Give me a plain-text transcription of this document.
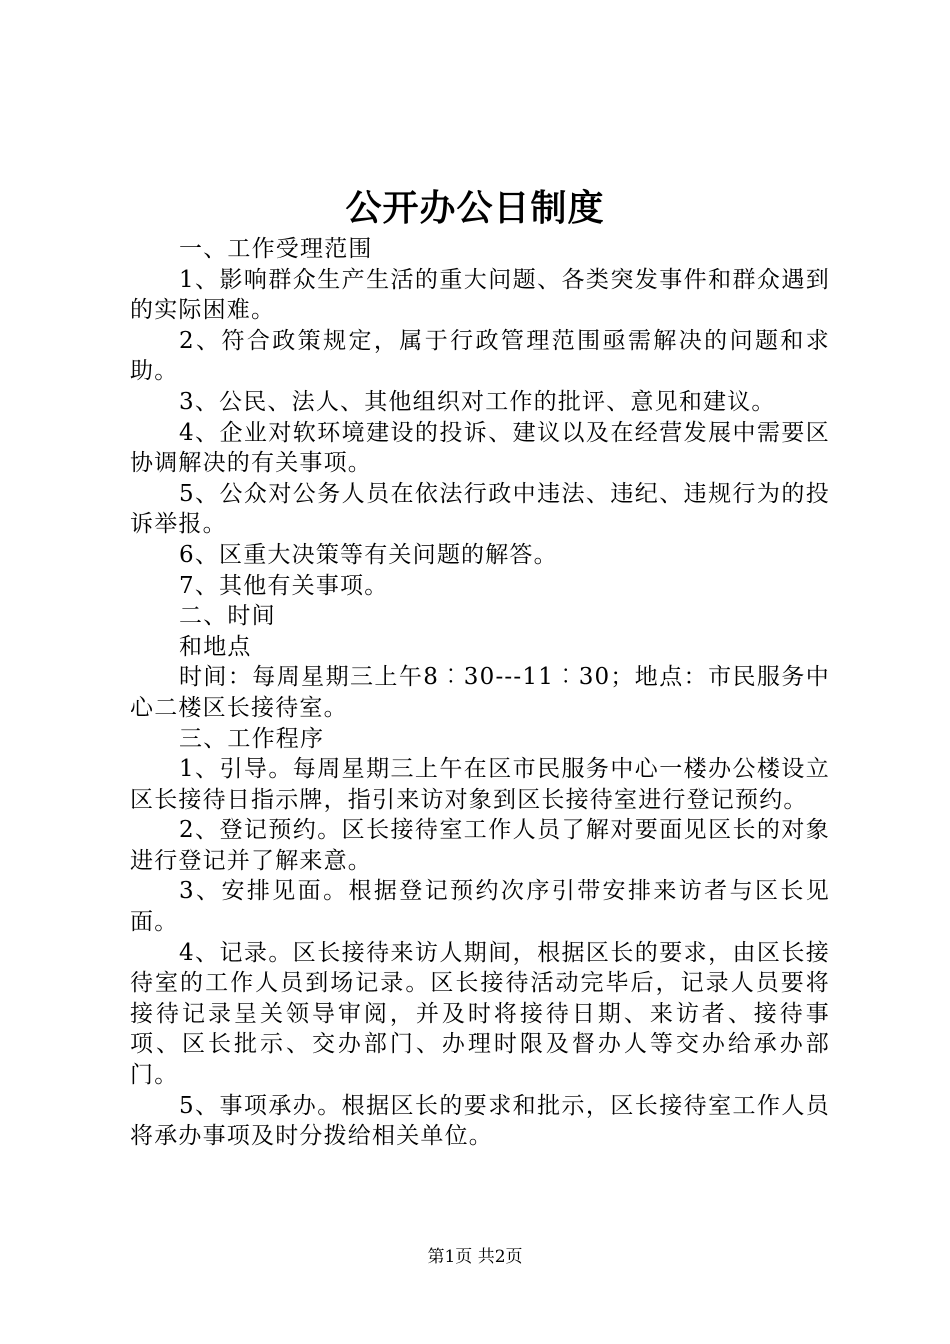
公开办公日制度

一、工作受理范围

1、影响群众生产生活的重大问题、各类突发事件和群众遇到的实际困难。

2、符合政策规定，属于行政管理范围亟需解决的问题和求助。

3、公民、法人、其他组织对工作的批评、意见和建议。

4、企业对软环境建设的投诉、建议以及在经营发展中需要区协调解决的有关事项。

5、公众对公务人员在依法行政中违法、违纪、违规行为的投诉举报。

6、区重大决策等有关问题的解答。

7、其他有关事项。

二、时间

和地点

时间：每周星期三上午8︰30---11︰30；地点：市民服务中心二楼区长接待室。

三、工作程序

1、引导。每周星期三上午在区市民服务中心一楼办公楼设立区长接待日指示牌，指引来访对象到区长接待室进行登记预约。

2、登记预约。区长接待室工作人员了解对要面见区长的对象进行登记并了解来意。

3、安排见面。根据登记预约次序引带安排来访者与区长见面。

4、记录。区长接待来访人期间，根据区长的要求，由区长接待室的工作人员到场记录。区长接待活动完毕后，记录人员要将接待记录呈关领导审阅，并及时将接待日期、来访者、接待事项、区长批示、交办部门、办理时限及督办人等交办给承办部门。

5、事项承办。根据区长的要求和批示，区长接待室工作人员将承办事项及时分拨给相关单位。

第1页 共2页
